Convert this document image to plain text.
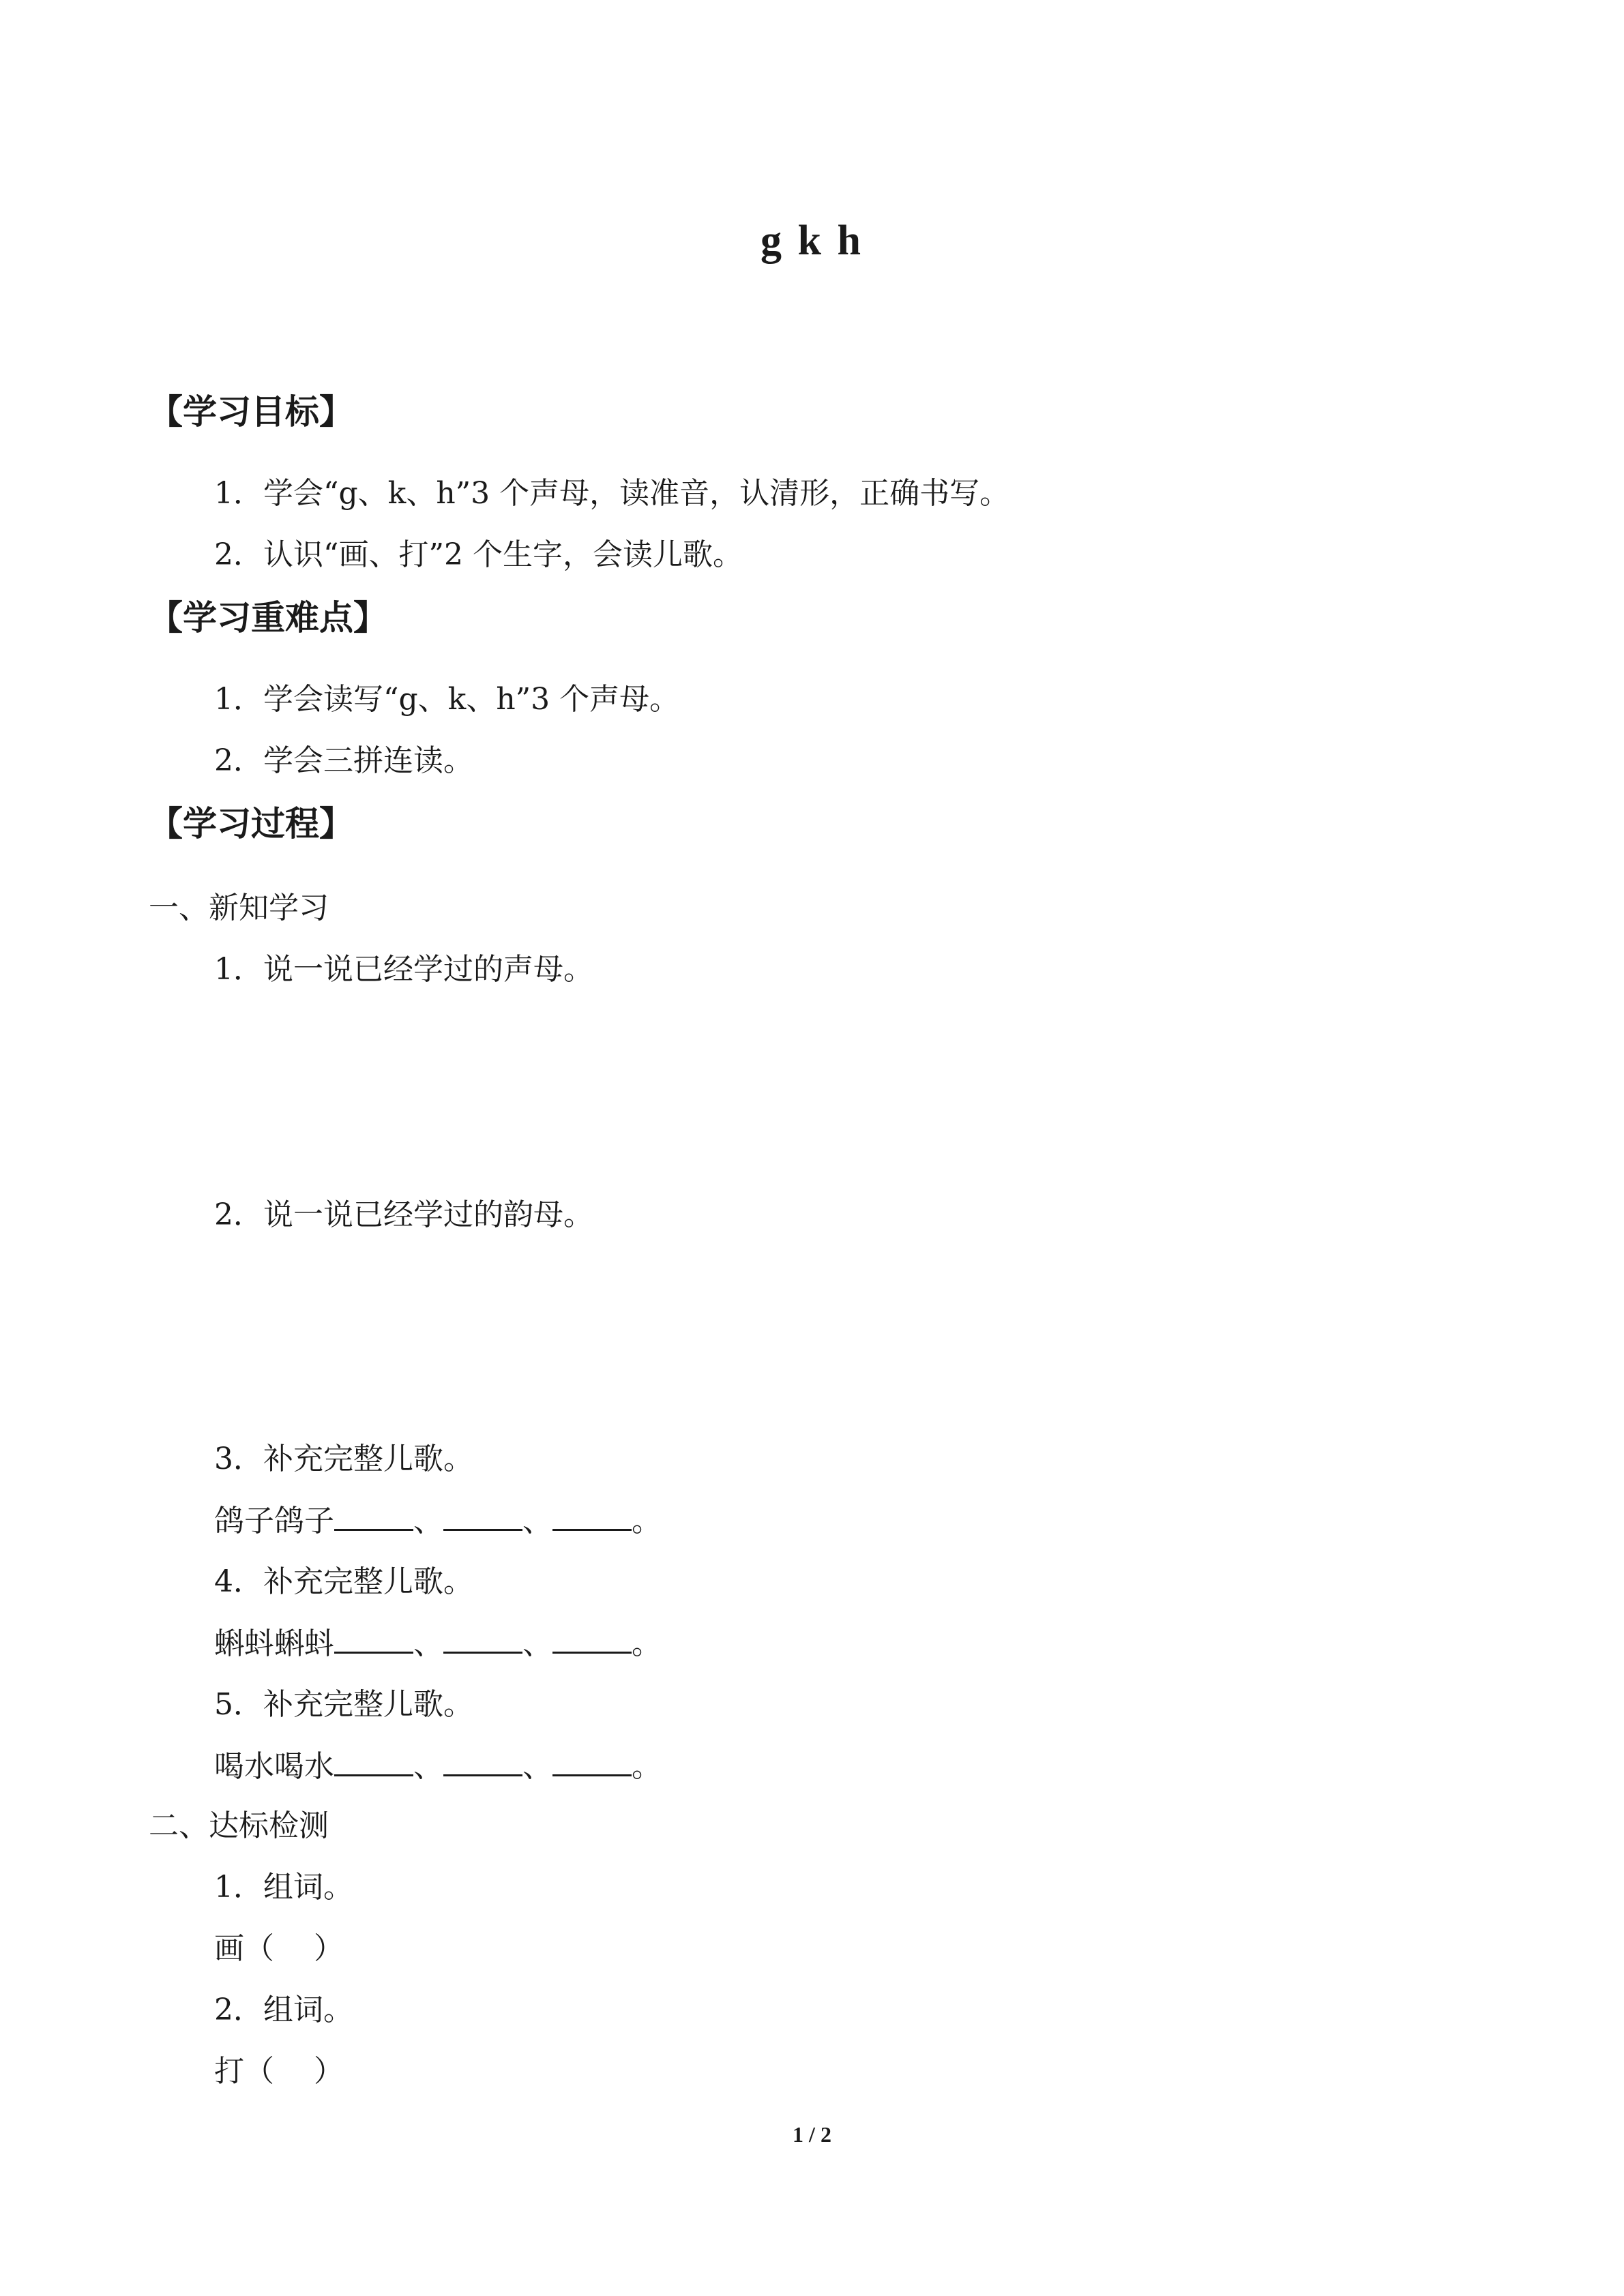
g k h
【学习目标】
1．学会“g、k、h”3 个声母，读准音，认清形，正确书写。
2．认识“画、打”2 个生字，会读儿歌。
【学习重难点】
1．学会读写“g、k、h”3 个声母。
2．学会三拼连读。
【学习过程】
一、新知学习
1．说一说已经学过的声母。
2．说一说已经学过的韵母。
3．补充完整儿歌。
鸽子鸽子	、	、	。
4．补充完整儿歌。
蝌蚪蝌蚪	、	、	。
5．补充完整儿歌。
喝水喝水	、	、	。
二、达标检测
1．组词。
画（　 ）
2．组词。
打（　 ）
1 / 2
